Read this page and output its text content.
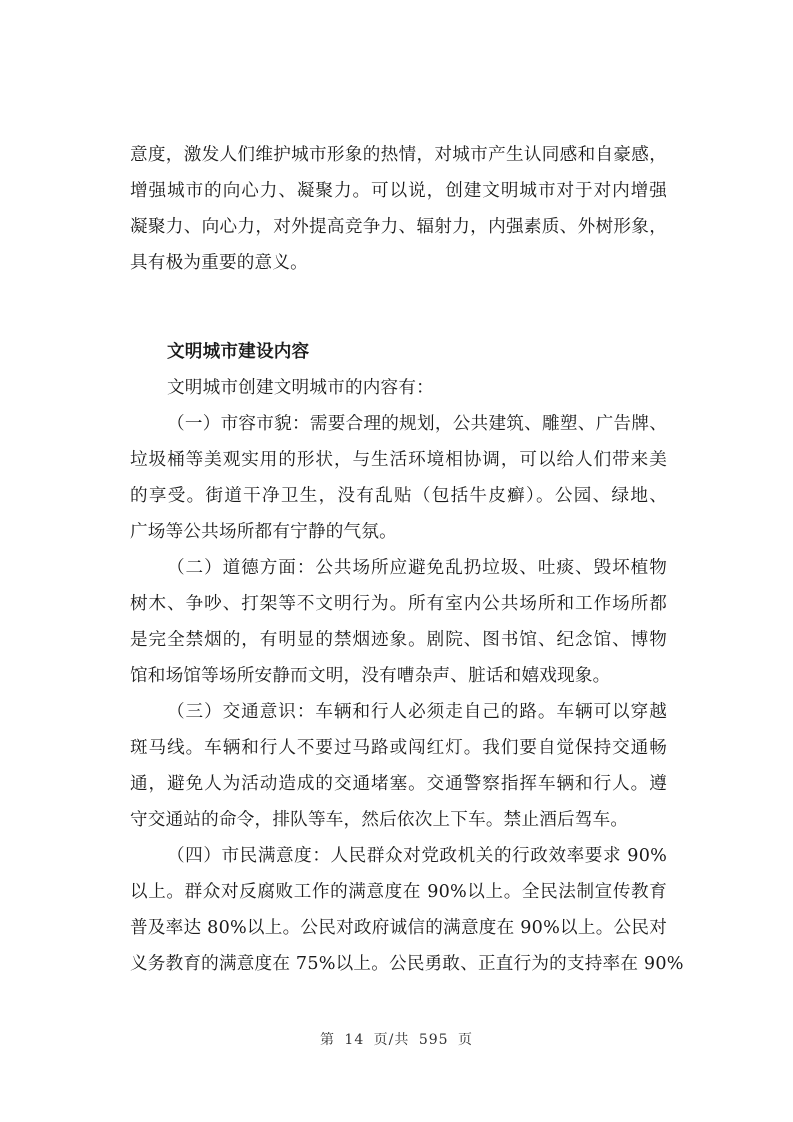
意度，激发人们维护城市形象的热情，对城市产生认同感和自豪感，
增强城市的向心力、凝聚力。可以说，创建文明城市对于对内增强
凝聚力、向心力，对外提高竞争力、辐射力，内强素质、外树形象，
具有极为重要的意义。
文明城市建设内容
文明城市创建文明城市的内容有：
（一）市容市貌：需要合理的规划，公共建筑、雕塑、广告牌、
垃圾桶等美观实用的形状，与生活环境相协调，可以给人们带来美
的享受。街道干净卫生，没有乱贴（包括牛皮癣）。公园、绿地、
广场等公共场所都有宁静的气氛。
（二）道德方面：公共场所应避免乱扔垃圾、吐痰、毁坏植物
树木、争吵、打架等不文明行为。所有室内公共场所和工作场所都
是完全禁烟的，有明显的禁烟迹象。剧院、图书馆、纪念馆、博物
馆和场馆等场所安静而文明，没有嘈杂声、脏话和嬉戏现象。
（三）交通意识：车辆和行人必须走自己的路。车辆可以穿越
斑马线。车辆和行人不要过马路或闯红灯。我们要自觉保持交通畅
通，避免人为活动造成的交通堵塞。交通警察指挥车辆和行人。遵
守交通站的命令，排队等车，然后依次上下车。禁止酒后驾车。
（四）市民满意度：人民群众对党政机关的行政效率要求 90%
以上。群众对反腐败工作的满意度在 90%以上。全民法制宣传教育
普及率达 80%以上。公民对政府诚信的满意度在 90%以上。公民对
义务教育的满意度在 75%以上。公民勇敢、正直行为的支持率在 90%
第 14 页/共 595 页
